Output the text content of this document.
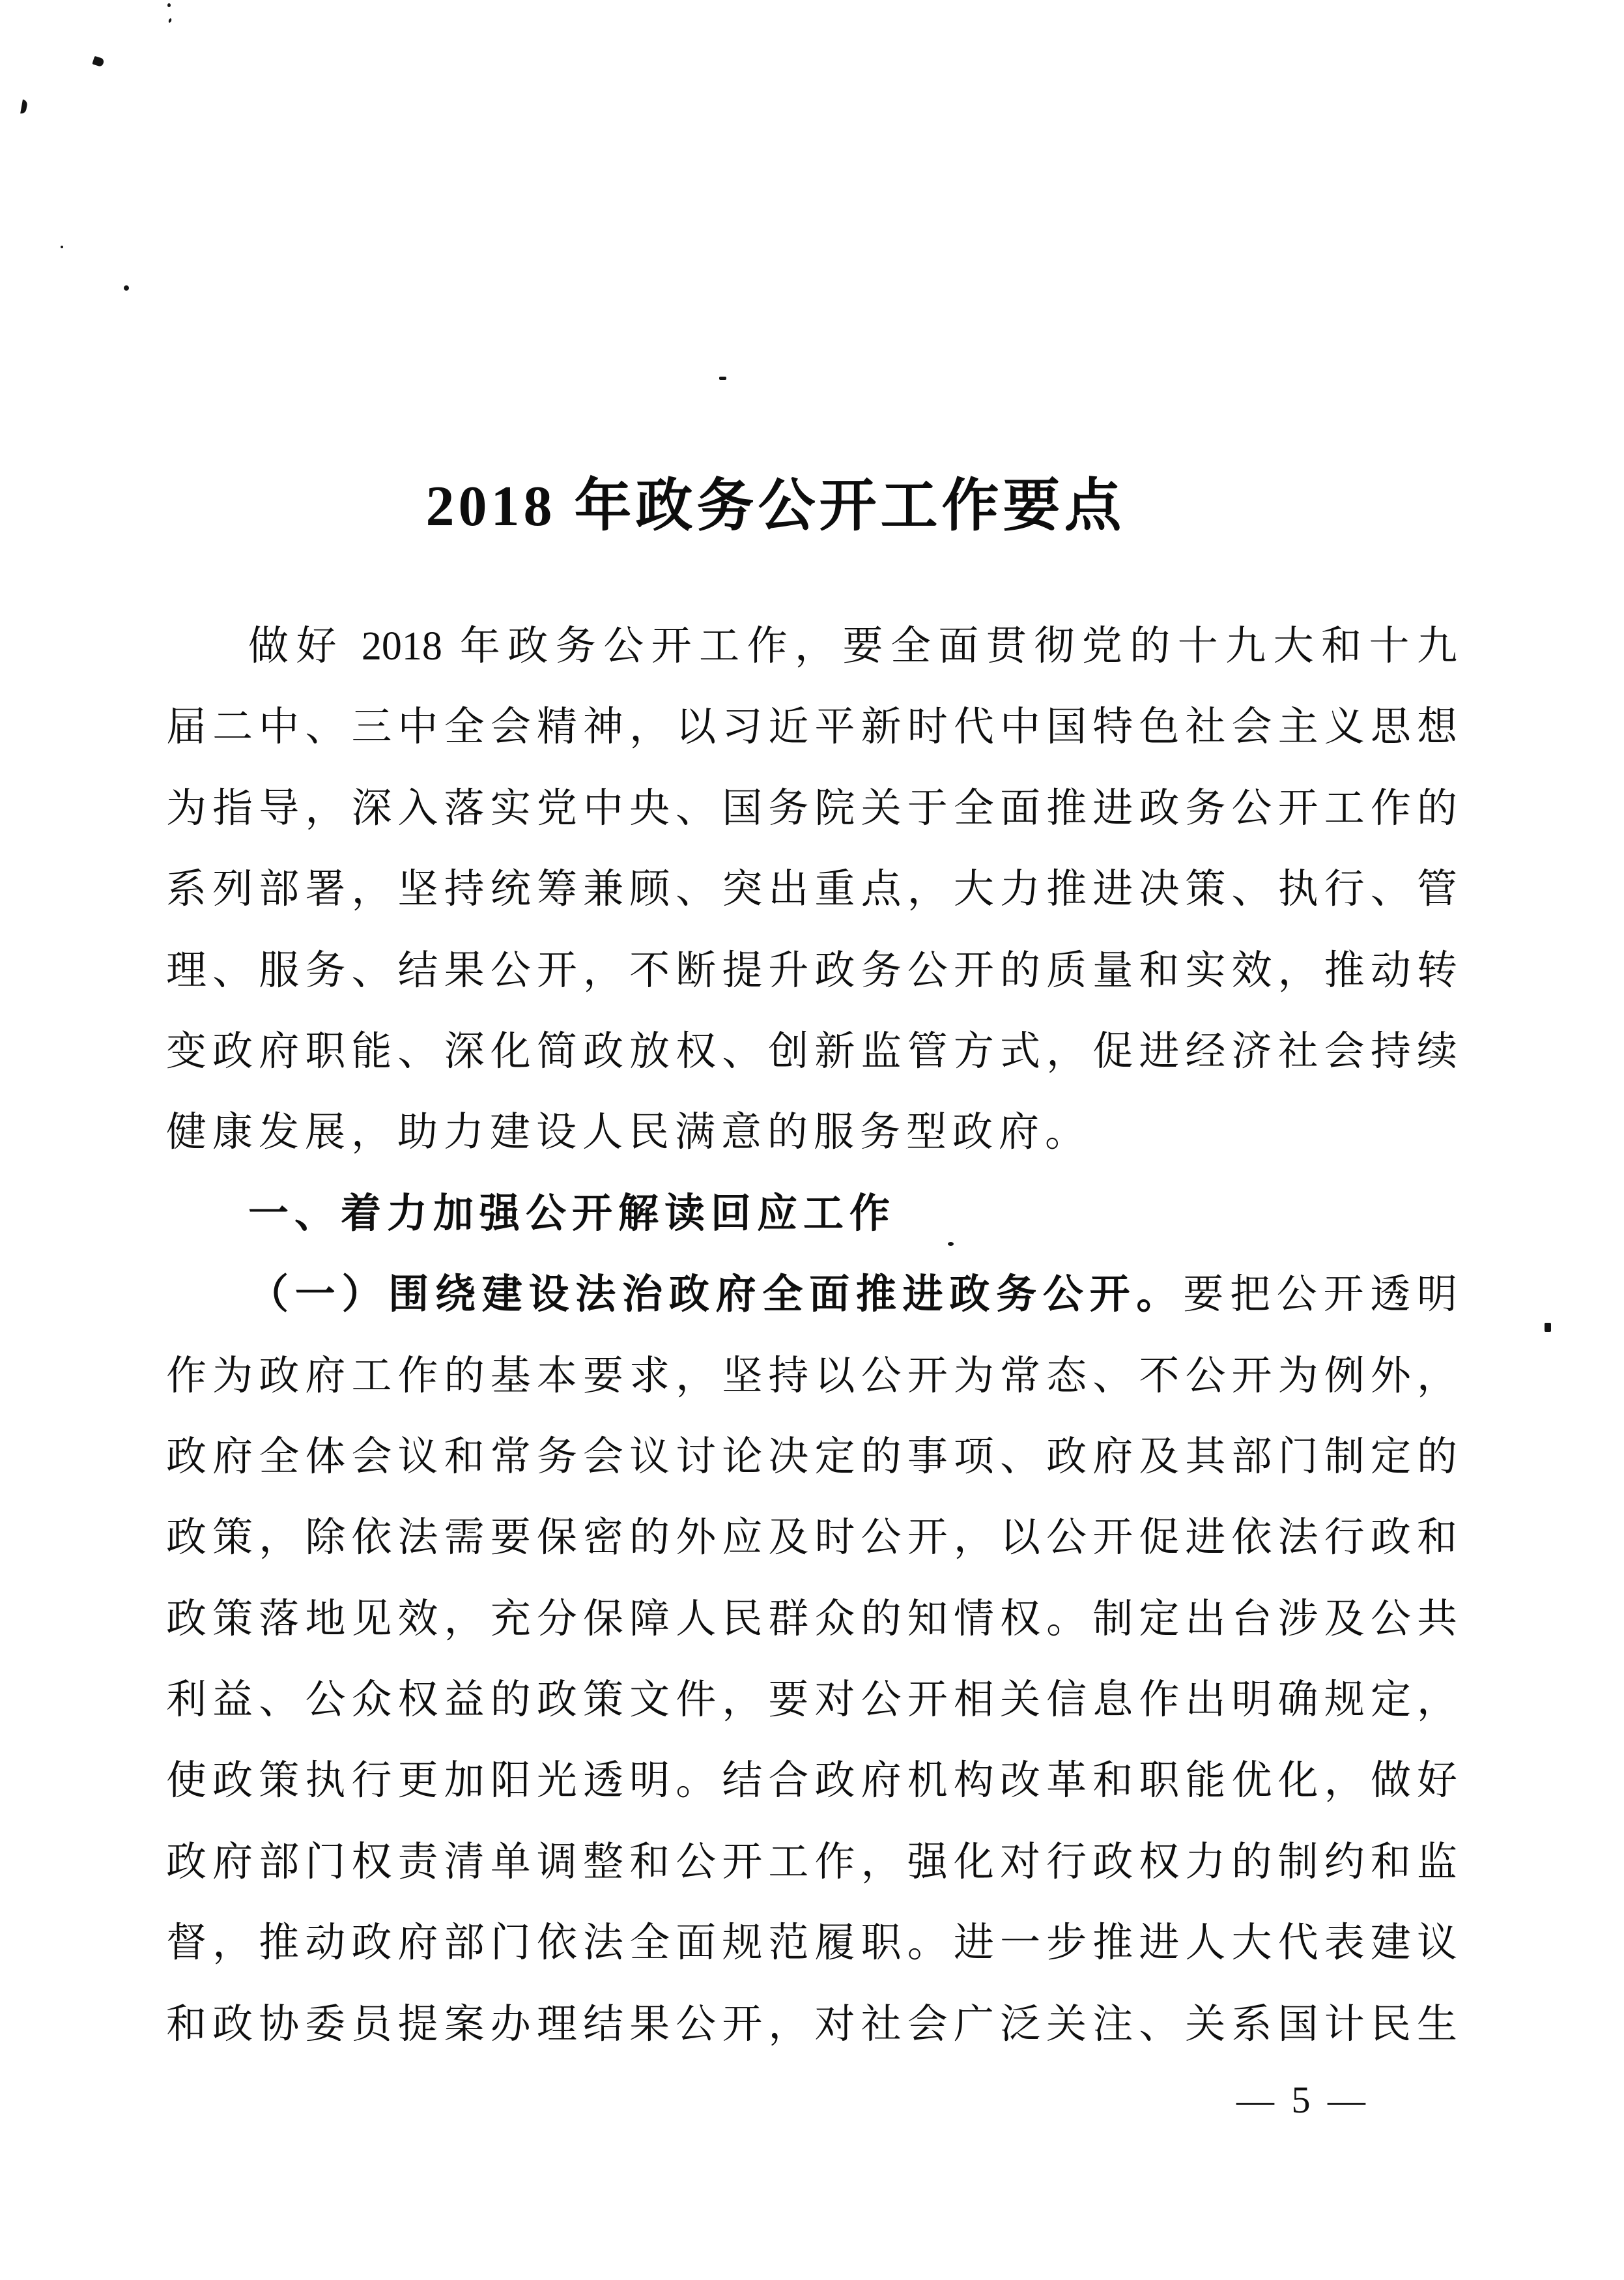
2018 年政务公开工作要点
做好 2018 年政务公开工作，要全面贯彻党的十九大和十九
届二中、三中全会精神，以习近平新时代中国特色社会主义思想
为指导，深入落实党中央、国务院关于全面推进政务公开工作的
系列部署，坚持统筹兼顾、突出重点，大力推进决策、执行、管
理、服务、结果公开，不断提升政务公开的质量和实效，推动转
变政府职能、深化简政放权、创新监管方式，促进经济社会持续
健康发展，助力建设人民满意的服务型政府。
一、着力加强公开解读回应工作
（一）围绕建设法治政府全面推进政务公开。要把公开透明
作为政府工作的基本要求，坚持以公开为常态、不公开为例外，
政府全体会议和常务会议讨论决定的事项、政府及其部门制定的
政策，除依法需要保密的外应及时公开，以公开促进依法行政和
政策落地见效，充分保障人民群众的知情权。制定出台涉及公共
利益、公众权益的政策文件，要对公开相关信息作出明确规定，
使政策执行更加阳光透明。结合政府机构改革和职能优化，做好
政府部门权责清单调整和公开工作，强化对行政权力的制约和监
督，推动政府部门依法全面规范履职。进一步推进人大代表建议
和政协委员提案办理结果公开，对社会广泛关注、关系国计民生
— 5 —
